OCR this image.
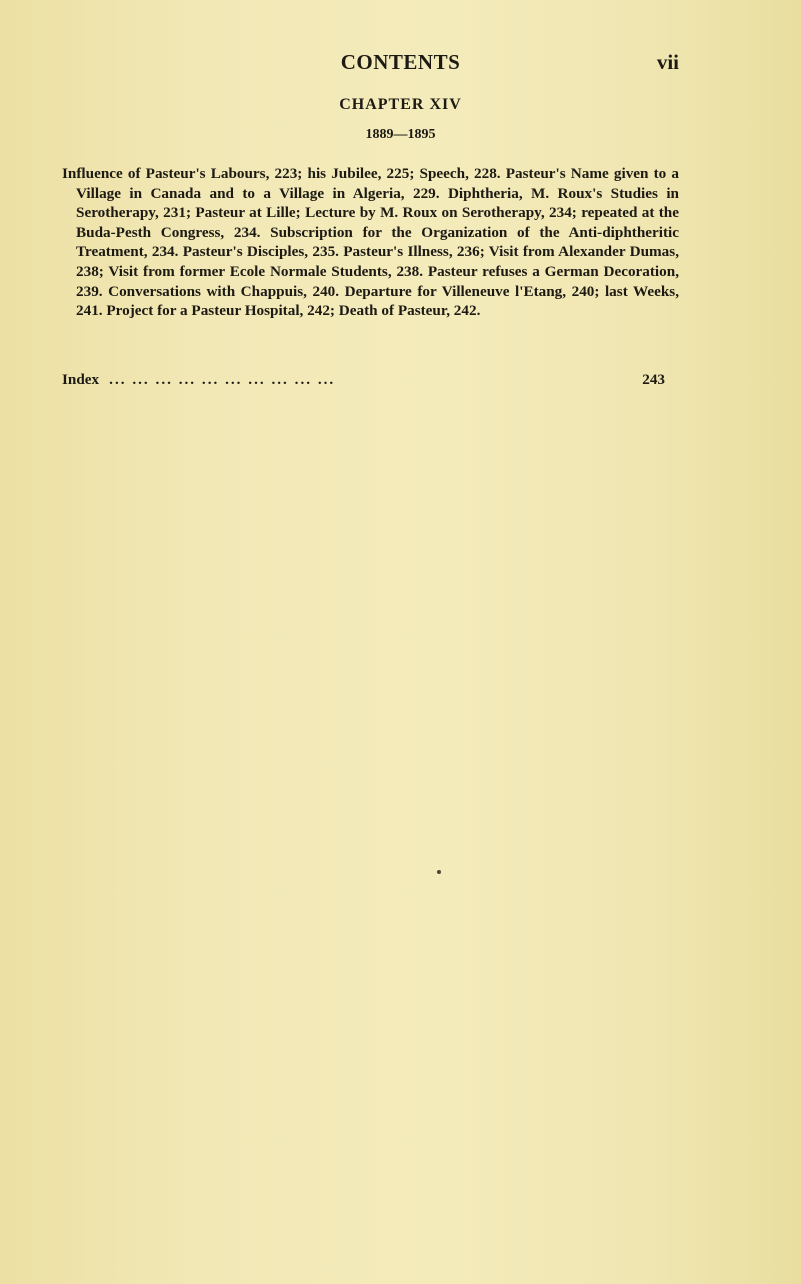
CONTENTS	vii
CHAPTER XIV
1889—1895
Influence of Pasteur's Labours, 223; his Jubilee, 225; Speech, 228. Pasteur's Name given to a Village in Canada and to a Village in Algeria, 229. Diphtheria, M. Roux's Studies in Serotherapy, 231; Pasteur at Lille; Lecture by M. Roux on Serotherapy, 234; repeated at the Buda-Pesth Congress, 234. Subscription for the Organization of the Anti-diphtheritic Treatment, 234. Pasteur's Disciples, 235. Pasteur's Illness, 236; Visit from Alexander Dumas, 238; Visit from former Ecole Normale Students, 238. Pasteur refuses a German Decoration, 239. Conversations with Chappuis, 240. Departure for Villeneuve l'Etang, 240; last Weeks, 241. Project for a Pasteur Hospital, 242; Death of Pasteur, 242.
Index ... ... ... ... ... ... ... ... ... ...	243
